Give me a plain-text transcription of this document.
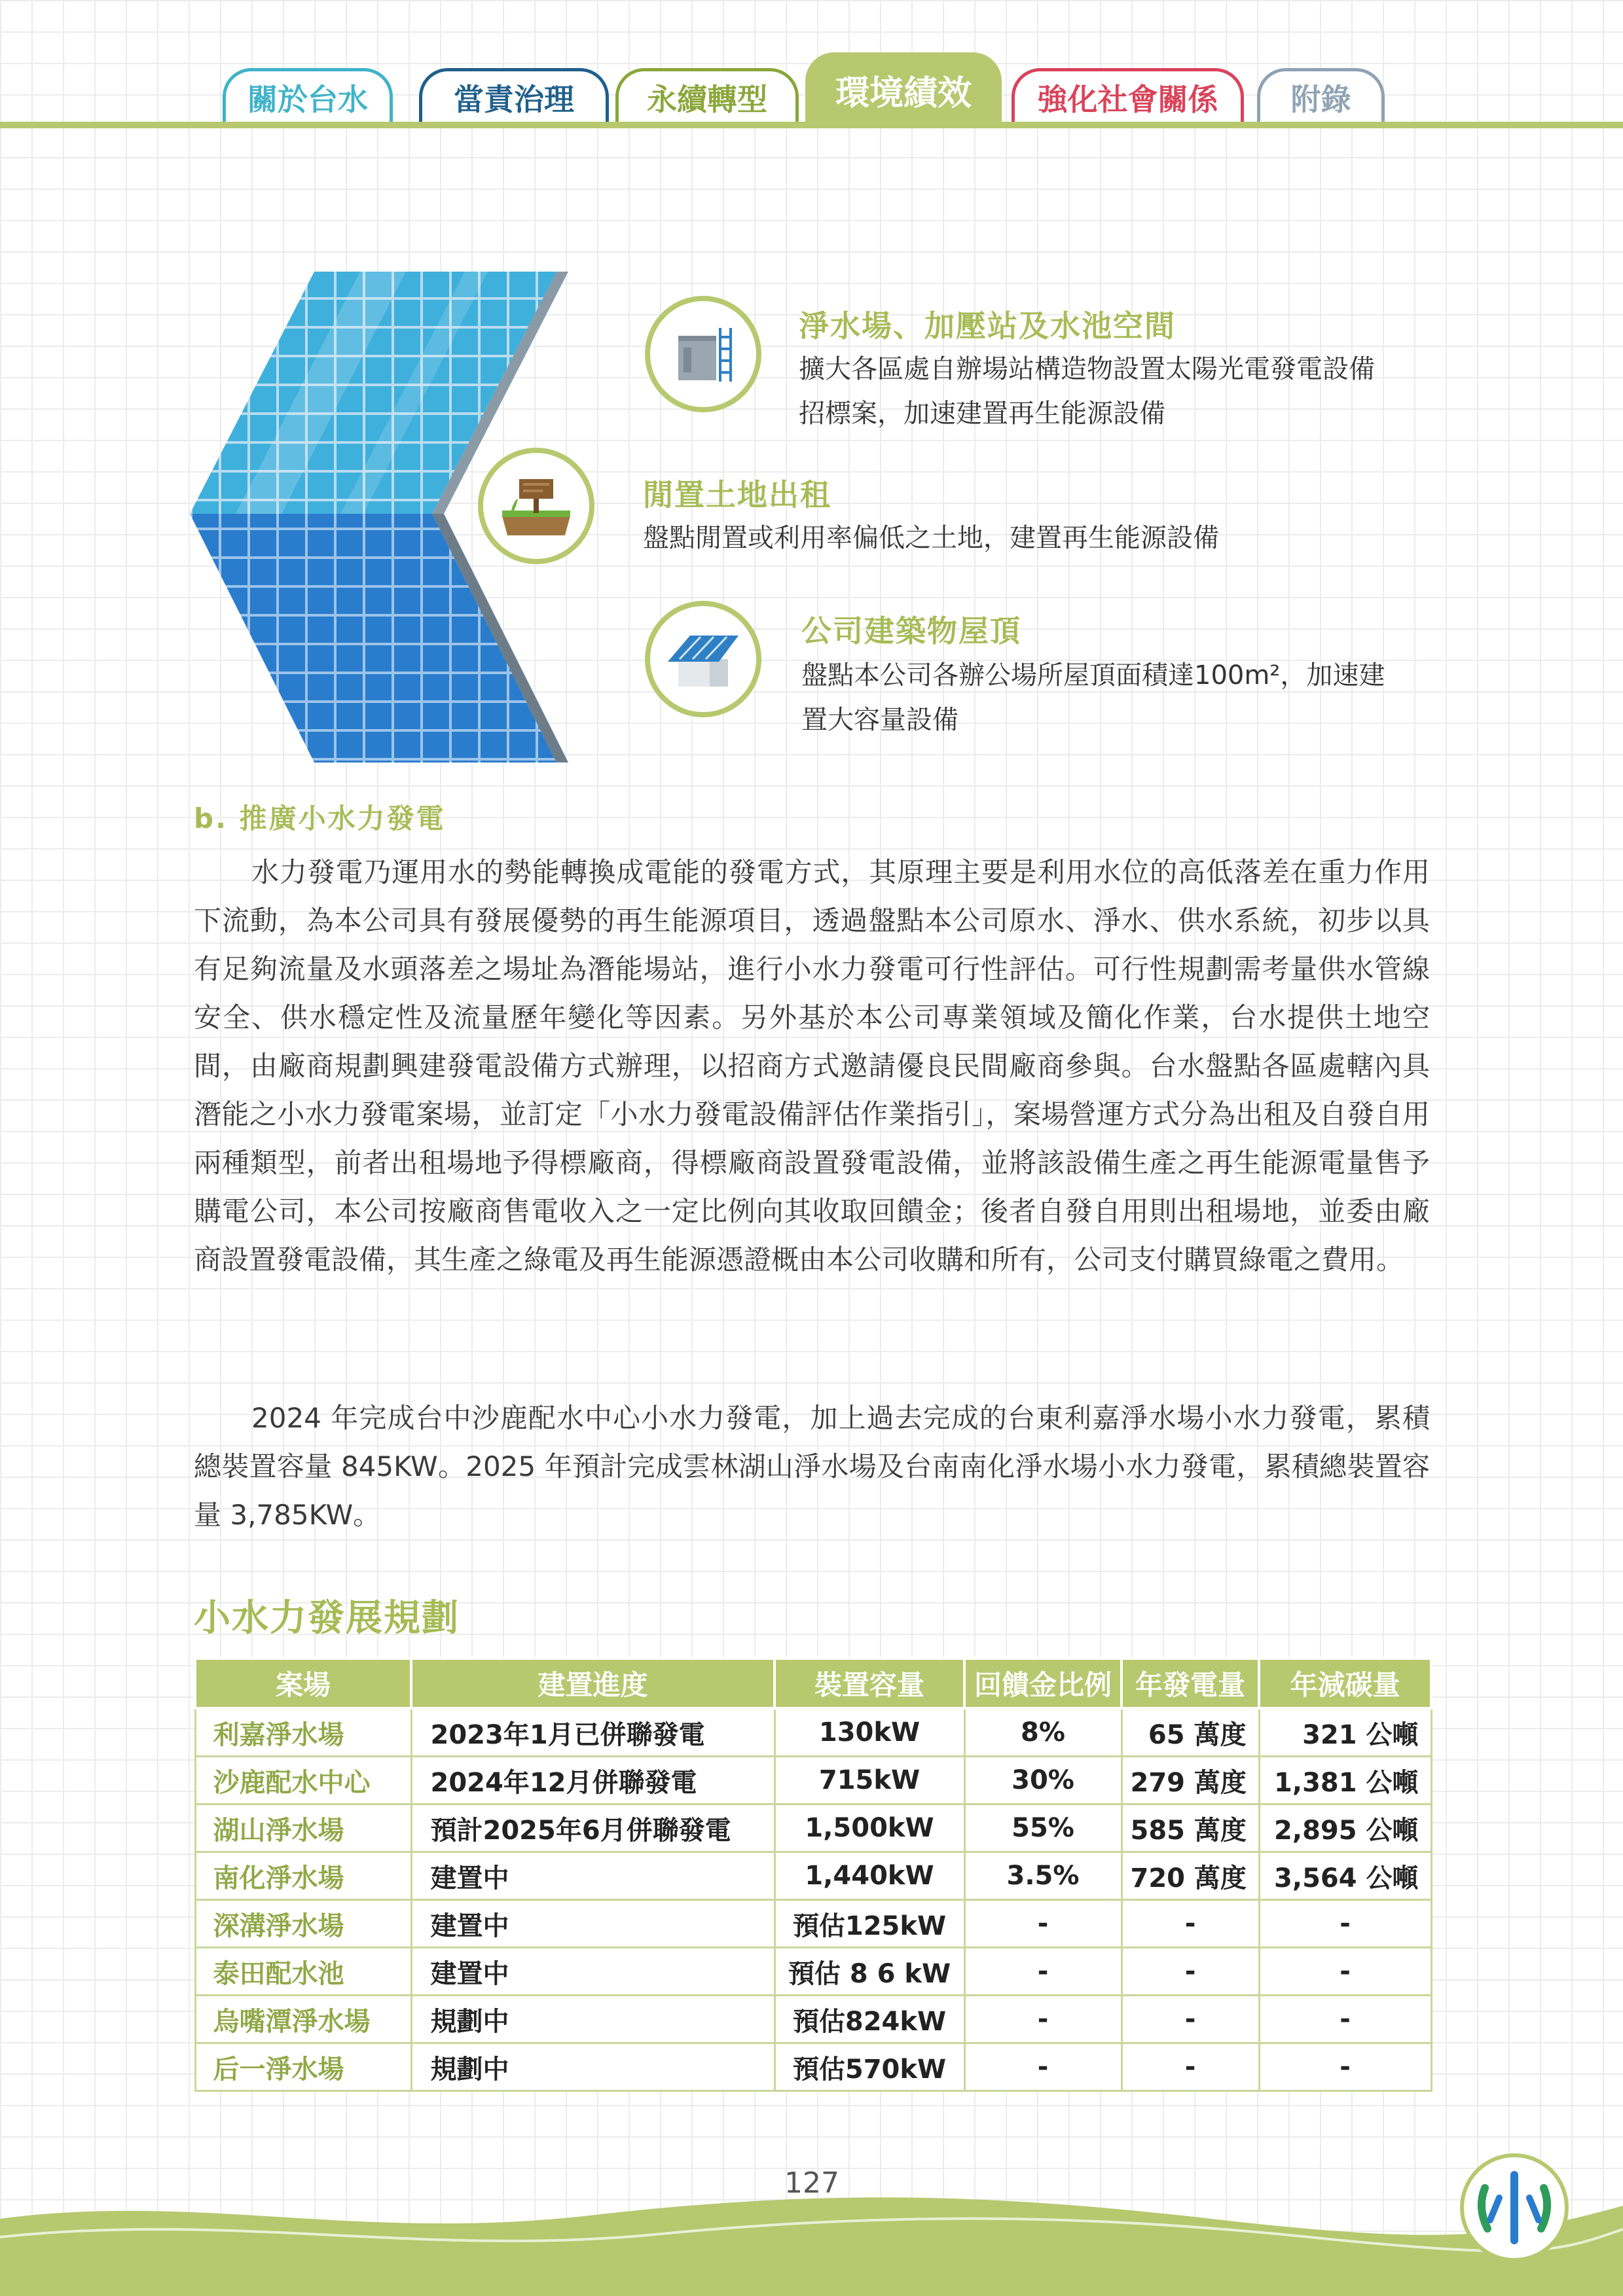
關於台水	當責治理	永續轉型	環境績效	強化社會關係	附錄
淨水場、加壓站及水池空間
擴大各區處自辦場站構造物設置太陽光電發電設備
招標案，加速建置再生能源設備
閒置土地出租
盤點閒置或利用率偏低之土地，建置再生能源設備
公司建築物屋頂
盤點本公司各辦公場所屋頂面積達100m²，加速建
置大容量設備
b. 推廣小水力發電

水力發電乃運用水的勢能轉換成電能的發電方式，其原理主要是利用水位的高低落差在重力作用下流動，為本公司具有發展優勢的再生能源項目，透過盤點本公司原水、淨水、供水系統，初步以具有足夠流量及水頭落差之場址為潛能場站，進行小水力發電可行性評估。可行性規劃需考量供水管線安全、供水穩定性及流量歷年變化等因素。另外基於本公司專業領域及簡化作業，台水提供土地空間，由廠商規劃興建發電設備方式辦理，以招商方式邀請優良民間廠商參與。台水盤點各區處轄內具潛能之小水力發電案場，並訂定「小水力發電設備評估作業指引」，案場營運方式分為出租及自發自用兩種類型，前者出租場地予得標廠商，得標廠商設置發電設備，並將該設備生產之再生能源電量售予購電公司，本公司按廠商售電收入之一定比例向其收取回饋金；後者自發自用則出租場地，並委由廠商設置發電設備，其生產之綠電及再生能源憑證概由本公司收購和所有，公司支付購買綠電之費用。

2024 年完成台中沙鹿配水中心小水力發電，加上過去完成的台東利嘉淨水場小水力發電，累積總裝置容量 845KW。2025 年預計完成雲林湖山淨水場及台南南化淨水場小水力發電，累積總裝置容量 3,785KW。

小水力發展規劃
案場	建置進度	裝置容量	回饋金比例	年發電量	年減碳量
利嘉淨水場	2023年1月已併聯發電	130kW	8%	65 萬度	321 公噸
沙鹿配水中心	2024年12月併聯發電	715kW	30%	279 萬度	1,381 公噸
湖山淨水場	預計2025年6月併聯發電	1,500kW	55%	585 萬度	2,895 公噸
南化淨水場	建置中	1,440kW	3.5%	720 萬度	3,564 公噸
深溝淨水場	建置中	預估125kW	-	-	-
泰田配水池	建置中	預估 8 6 kW	-	-	-
烏嘴潭淨水場	規劃中	預估824kW	-	-	-
后一淨水場	規劃中	預估570kW	-	-	-
127
